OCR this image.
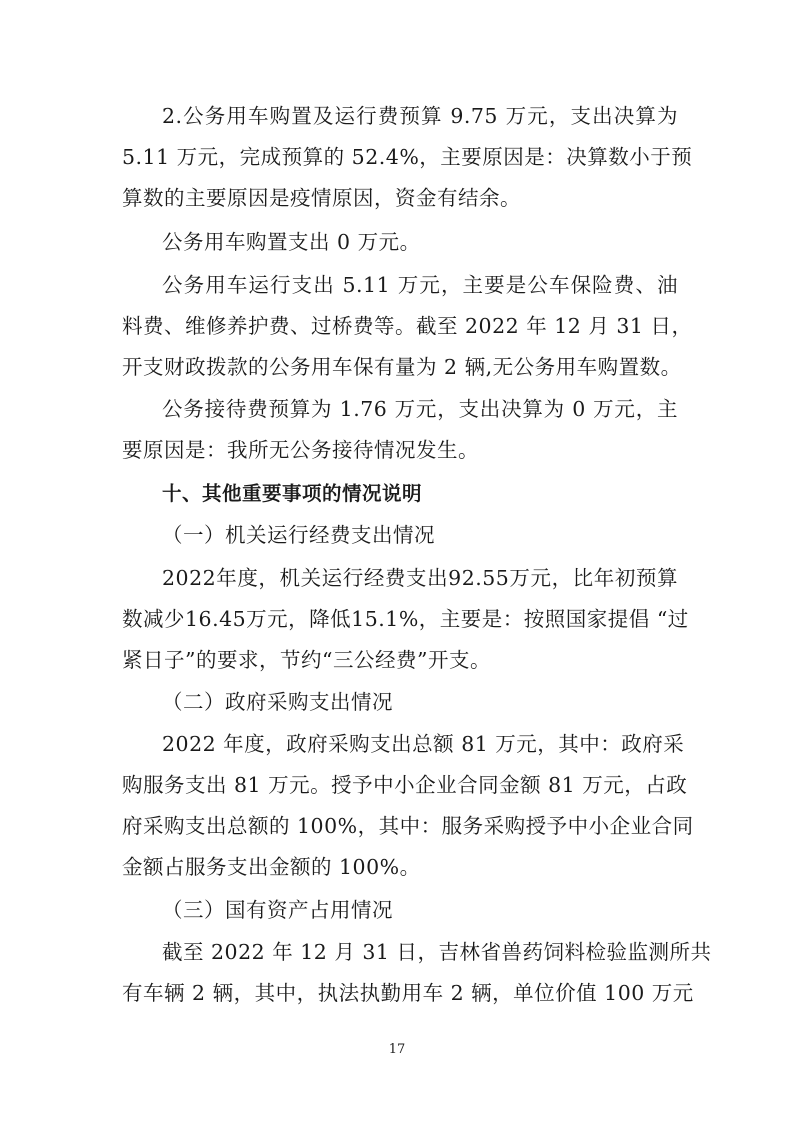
2.公务用车购置及运行费预算 9.75 万元，支出决算为
5.11 万元，完成预算的 52.4%，主要原因是：决算数小于预
算数的主要原因是疫情原因，资金有结余。
公务用车购置支出 0 万元。
公务用车运行支出 5.11 万元，主要是公车保险费、油
料费、维修养护费、过桥费等。截至 2022 年 12 月 31 日，
开支财政拨款的公务用车保有量为 2 辆,无公务用车购置数。
公务接待费预算为 1.76 万元，支出决算为 0 万元，主
要原因是：我所无公务接待情况发生。
十、其他重要事项的情况说明
（一）机关运行经费支出情况
2022年度，机关运行经费支出92.55万元，比年初预算
数减少16.45万元，降低15.1%，主要是：按照国家提倡 “过
紧日子”的要求，节约“三公经费”开支。
（二）政府采购支出情况
2022 年度，政府采购支出总额 81 万元，其中：政府采
购服务支出 81 万元。授予中小企业合同金额 81 万元，占政
府采购支出总额的 100%，其中：服务采购授予中小企业合同
金额占服务支出金额的 100%。
（三）国有资产占用情况
截至 2022 年 12 月 31 日，吉林省兽药饲料检验监测所共
有车辆 2 辆，其中，执法执勤用车 2 辆，单位价值 100 万元
17
